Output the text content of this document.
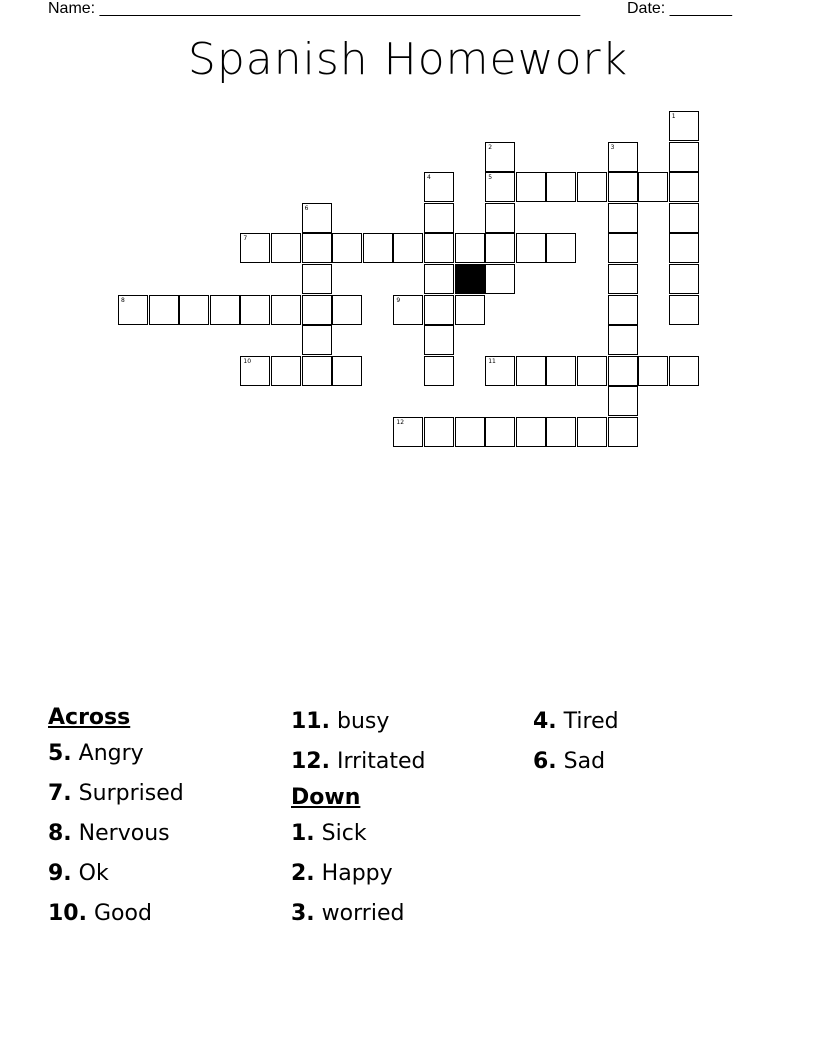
Name: ______________________________________________________	Date: _______
Spanish Homework
5
7
8	9
10	11
12
1
2	3
4
6
Across
5. Angry
7. Surprised
8. Nervous
9. Ok
10. Good
11. busy
12. Irritated
Down
1. Sick
2. Happy
3. worried
4. Tired
6. Sad
